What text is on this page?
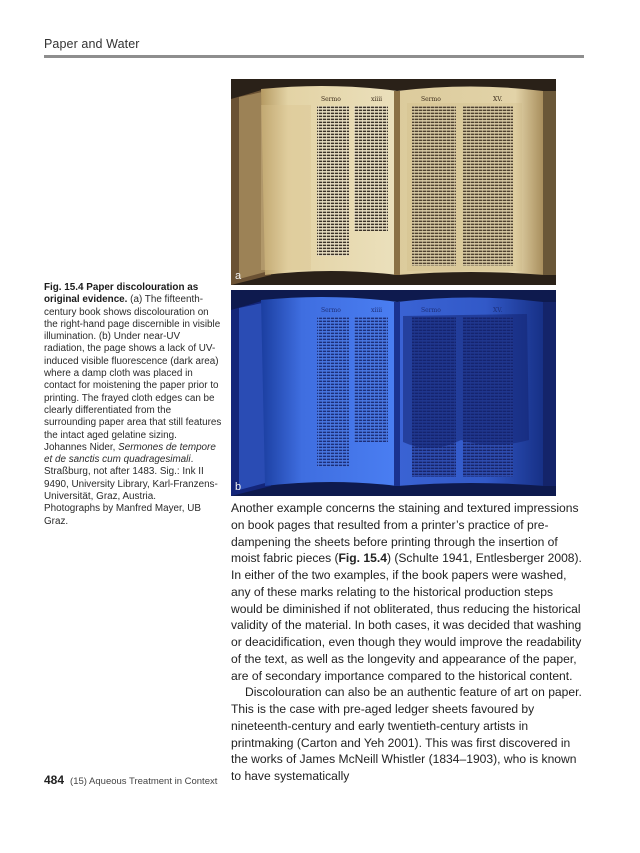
Paper and Water
Sermo	xiiii	Sermo	XV.
a
Sermo	xiiii	Sermo	XV.
b

Fig. 15.4 Paper discolouration as original evidence. (a) The fifteenth-century book shows discolouration on the right-hand page discernible in visible illumination. (b) Under near-UV radiation, the page shows a lack of UV-induced visible fluorescence (dark area) where a damp cloth was placed in contact for moistening the paper prior to printing. The frayed cloth edges can be clearly differentiated from the surrounding paper area that still features the intact aged gelatine sizing. Johannes Nider, Sermones de tempore et de sanctis cum quadragesimali. Straßburg, not after 1483. Sig.: Ink II 9490, University Library, Karl-Franzens-Universität, Graz, Austria.

Photographs by Manfred Mayer, UB Graz.

Another example concerns the staining and textured impressions on book pages that resulted from a printer’s practice of pre-dampening the sheets before printing through the insertion of moist fabric pieces (Fig. 15.4) (Schulte 1941, Entlesberger 2008). In either of the two examples, if the book papers were washed, any of these marks relating to the historical production steps would be diminished if not obliterated, thus reducing the historical validity of the material. In both cases, it was decided that washing or deacidification, even though they would improve the readability of the text, as well as the longevity and appearance of the paper, are of secondary importance compared to the historical content.

Discolouration can also be an authentic feature of art on paper. This is the case with pre-aged ledger sheets favoured by nineteenth-century and early twentieth-century artists in printmaking (Carton and Yeh 2001). This was first discovered in the works of James McNeill Whistler (1834–1903), who is known to have systematically

484 (15) Aqueous Treatment in Context
